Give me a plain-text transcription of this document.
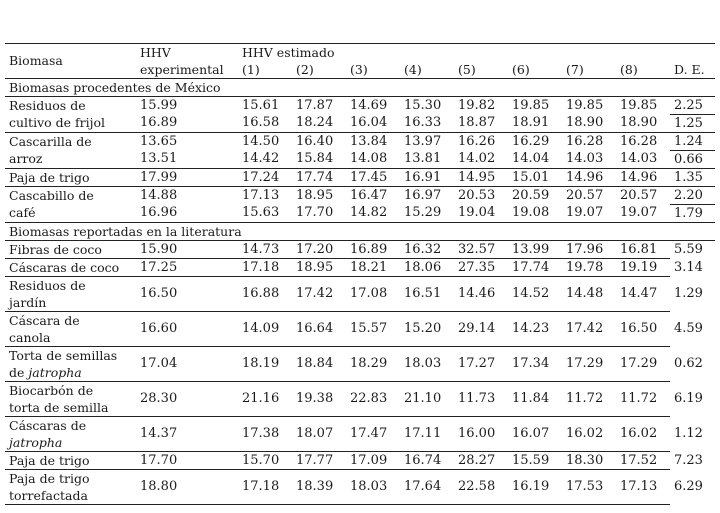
Biomasa	HHV	HHV estimado								
	experimental	(1)	(2)	(3)	(4)	(5)	(6)	(7)	(8)	D. E.
Biomasas procedentes de México										
Residuos de	15.99	15.61	17.87	14.69	15.30	19.82	19.85	19.85	19.85	2.25
cultivo de frijol	16.89	16.58	18.24	16.04	16.33	18.87	18.91	18.90	18.90	1.25
Cascarilla de	13.65	14.50	16.40	13.84	13.97	16.26	16.29	16.28	16.28	1.24
arroz	13.51	14.42	15.84	14.08	13.81	14.02	14.04	14.03	14.03	0.66
Paja de trigo	17.99	17.24	17.74	17.45	16.91	14.95	15.01	14.96	14.96	1.35
Cascabillo de	14.88	17.13	18.95	16.47	16.97	20.53	20.59	20.57	20.57	2.20
café	16.96	15.63	17.70	14.82	15.29	19.04	19.08	19.07	19.07	1.79
Biomasas reportadas en la literatura										

Fibras de coco	15.90	14.73	17.20	16.89	16.32	32.57	13.99	17.96	16.81	5.59

Cáscaras de coco	17.25	17.18	18.95	18.21	18.06	27.35	17.74	19.78	19.19	3.14

Residuos de
jardín	16.50	16.88	17.42	17.08	16.51	14.46	14.52	14.48	14.47	1.29

Cáscara de
canola	16.60	14.09	16.64	15.57	15.20	29.14	14.23	17.42	16.50	4.59

Torta de semillas
de jatropha	17.04	18.19	18.84	18.29	18.03	17.27	17.34	17.29	17.29	0.62

Biocarbón de
torta de semilla	28.30	21.16	19.38	22.83	21.10	11.73	11.84	11.72	11.72	6.19

Cáscaras de
jatropha	14.37	17.38	18.07	17.47	17.11	16.00	16.07	16.02	16.02	1.12

Paja de trigo	17.70	15.70	17.77	17.09	16.74	28.27	15.59	18.30	17.52	7.23

Paja de trigo
torrefactada	18.80	17.18	18.39	18.03	17.64	22.58	16.19	17.53	17.13	6.29
